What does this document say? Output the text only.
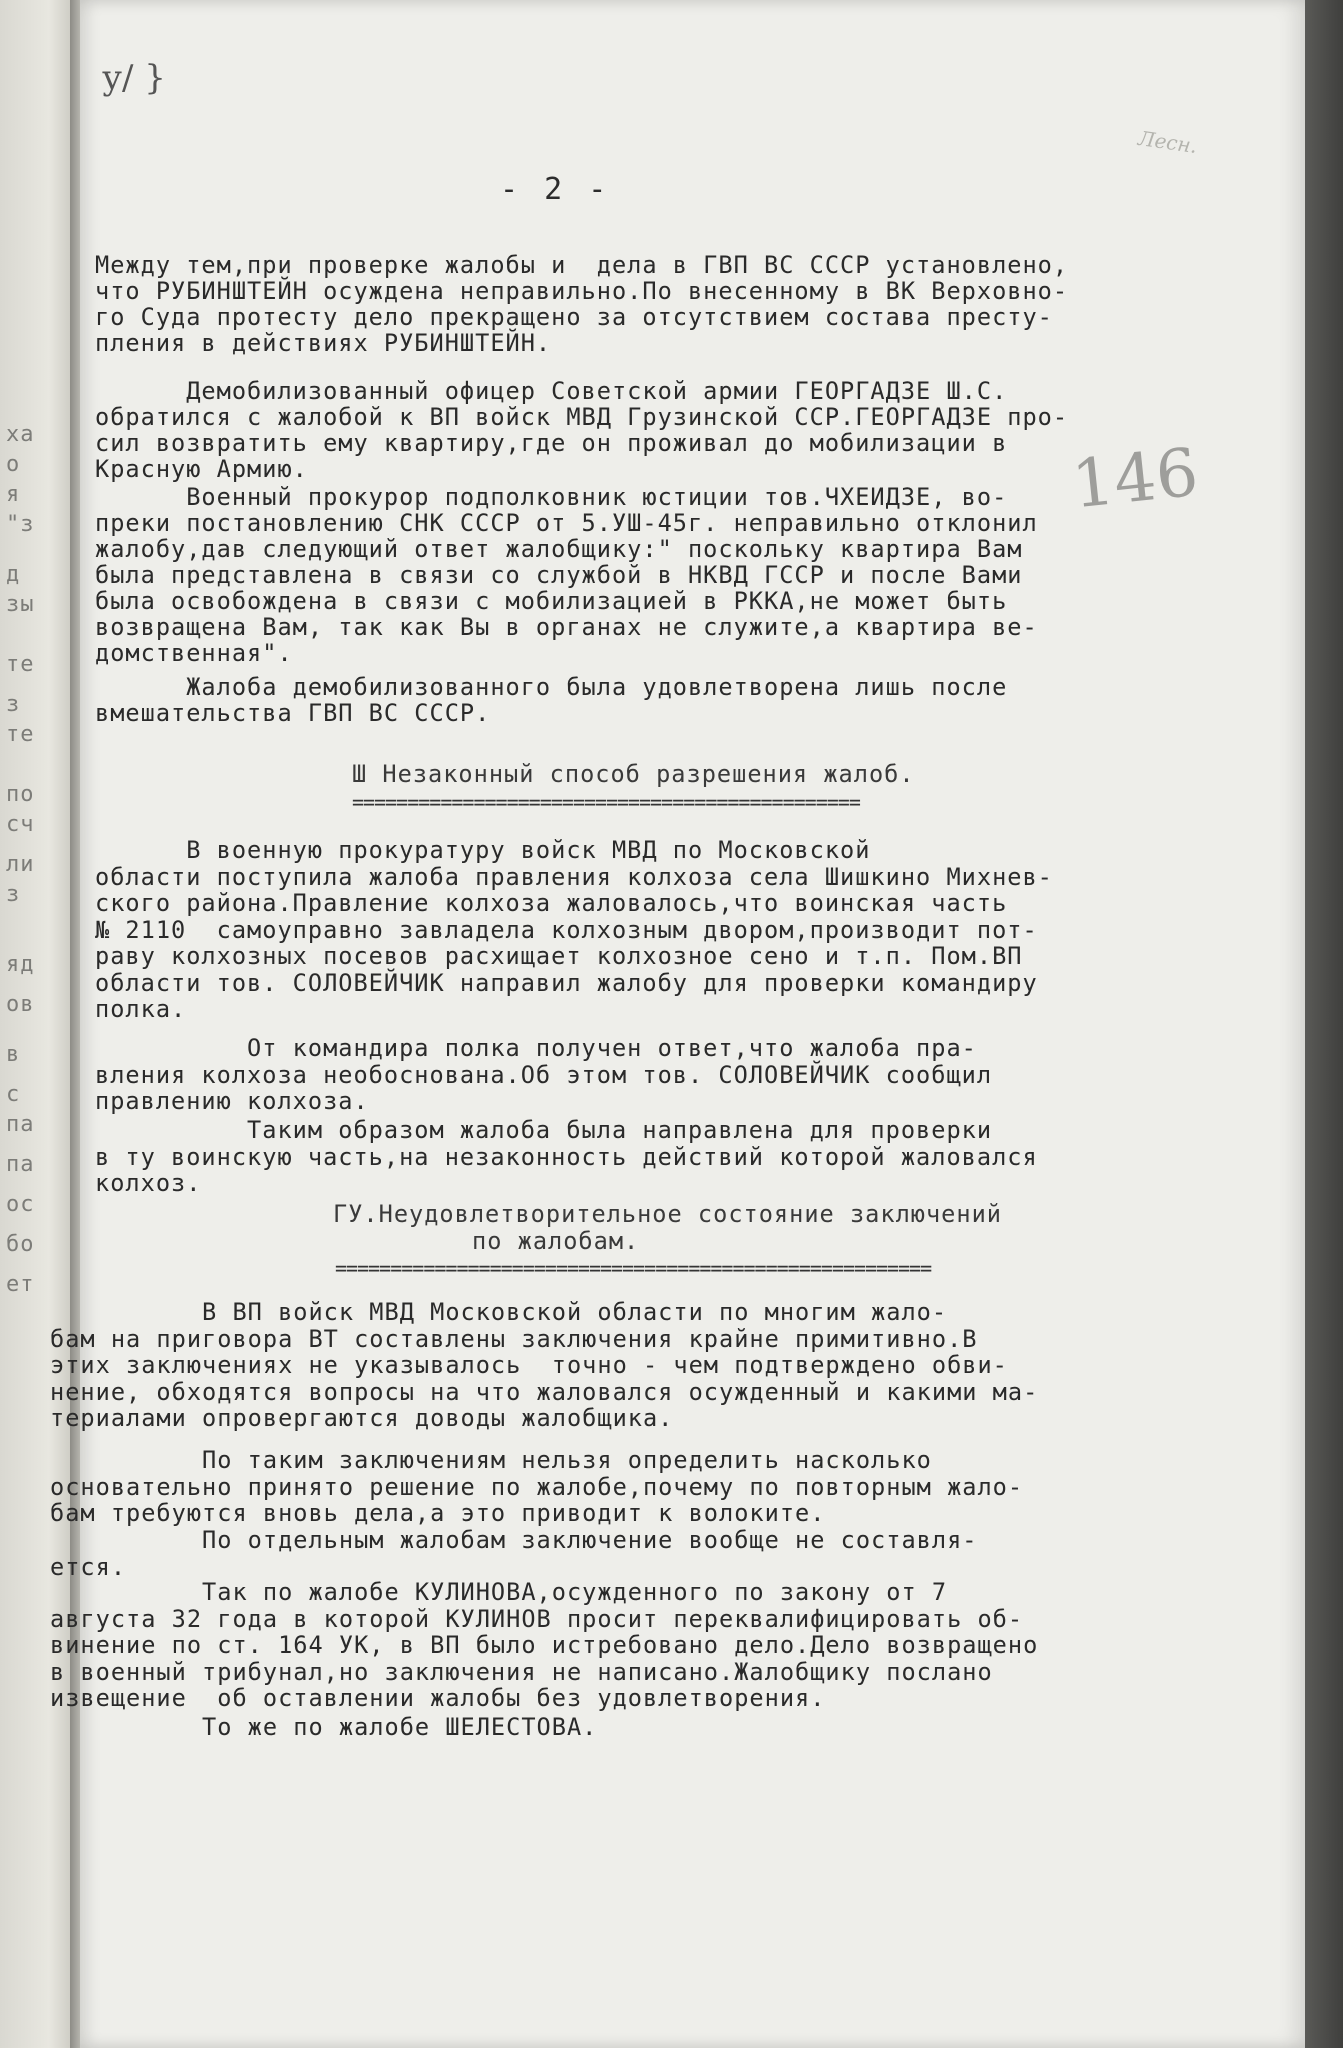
ха
о
я
"з
д
зы
те
з
те
по
сч
ли
з
яд
ов
в
с
па
па
ос
бо
ет
у/ }
Лесн.
146
- 2 -

Между тем,при проверке жалобы и  дела в ГВП ВС СССР установлено,

что РУБИНШТЕЙН осуждена неправильно.По внесенному в ВК Верховно-

го Суда протесту дело прекращено за отсутствием состава престу-

пления в действиях РУБИНШТЕЙН.

Демобилизованный офицер Советской армии ГЕОРГАДЗЕ Ш.С.

обратился с жалобой к ВП войск МВД Грузинской ССР.ГЕОРГАДЗЕ про-

сил возвратить ему квартиру,где он проживал до мобилизации в

Красную Армию.

Военный прокурор подполковник юстиции тов.ЧХЕИДЗЕ, во-

преки постановлению СНК СССР от 5.УШ-45г. неправильно отклонил

жалобу,дав следующий ответ жалобщику:" поскольку квартира Вам

была представлена в связи со службой в НКВД ГССР и после Вами

была освобождена в связи с мобилизацией в РККА,не может быть

возвращена Вам, так как Вы в органах не служите,а квартира ве-

домственная".

Жалоба демобилизованного была удовлетворена лишь после

вмешательства ГВП ВС СССР.

Ш Незаконный способ разрешения жалоб.
==============================================

В военную прокуратуру войск МВД по Московской

области поступила жалоба правления колхоза села Шишкино Михнев-

ского района.Правление колхоза жаловалось,что воинская часть

№ 2110  самоуправно завладела колхозным двором,производит пот-

раву колхозных посевов расхищает колхозное сено и т.п. Пом.ВП

области тов. СОЛОВЕЙЧИК направил жалобу для проверки командиру

полка.

От командира полка получен ответ,что жалоба пра-

вления колхоза необоснована.Об этом тов. СОЛОВЕЙЧИК сообщил

правлению колхоза.

Таким образом жалоба была направлена для проверки

в ту воинскую часть,на незаконность действий которой жаловался

колхоз.

ГУ.Неудовлетворительное состояние заключений
по жалобам.
======================================================

В ВП войск МВД Московской области по многим жало-

бам на приговора ВТ составлены заключения крайне примитивно.В

этих заключениях не указывалось  точно - чем подтверждено обви-

нение, обходятся вопросы на что жаловался осужденный и какими ма-

териалами опровергаются доводы жалобщика.

По таким заключениям нельзя определить насколько

основательно принято решение по жалобе,почему по повторным жало-

бам требуются вновь дела,а это приводит к волоките.

По отдельным жалобам заключение вообще не составля-

ется.

Так по жалобе КУЛИНОВА,осужденного по закону от 7

августа 32 года в которой КУЛИНОВ просит переквалифицировать об-

винение по ст. 164 УК, в ВП было истребовано дело.Дело возвращено

в военный трибунал,но заключения не написано.Жалобщику послано

извещение  об оставлении жалобы без удовлетворения.

То же по жалобе ШЕЛЕСТОВА.
